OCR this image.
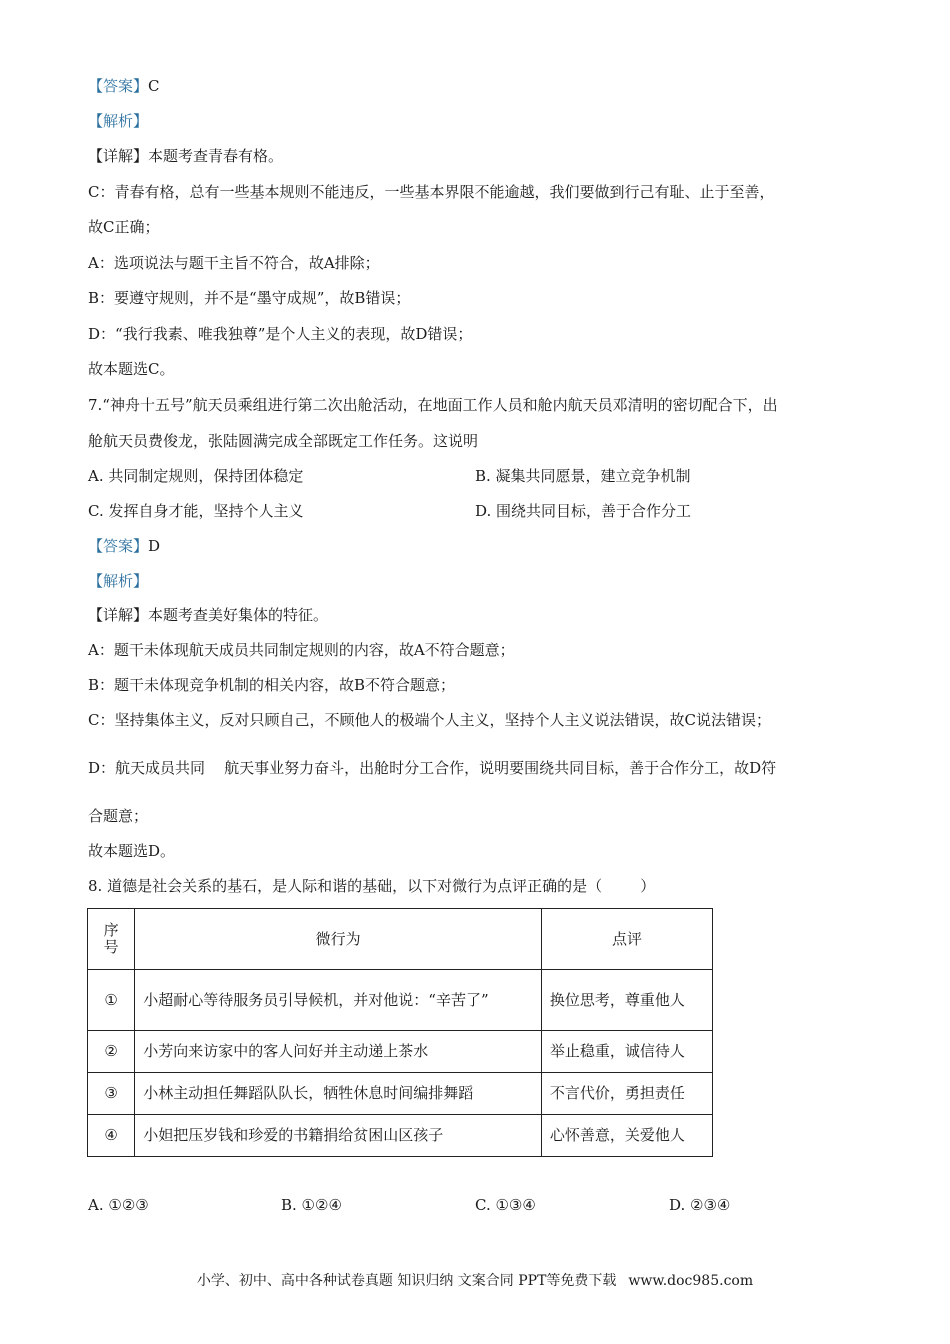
【答案】C
【解析】
【详解】本题考查青春有格。
C：青春有格，总有一些基本规则不能违反，一些基本界限不能逾越，我们要做到行己有耻、止于至善，
故C正确；
A：选项说法与题干主旨不符合，故A排除；
B：要遵守规则，并不是“墨守成规”，故B错误；
D：“我行我素、唯我独尊”是个人主义的表现，故D错误；
故本题选C。
7.“神舟十五号”航天员乘组进行第二次出舱活动，在地面工作人员和舱内航天员邓清明的密切配合下，出
舱航天员费俊龙，张陆圆满完成全部既定工作任务。这说明
A. 共同制定规则，保持团体稳定	B. 凝集共同愿景，建立竞争机制
C. 发挥自身才能，坚持个人主义	D. 围绕共同目标，善于合作分工
【答案】D
【解析】
【详解】本题考查美好集体的特征。
A：题干未体现航天成员共同制定规则的内容，故A不符合题意；
B：题干未体现竞争机制的相关内容，故B不符合题意；
C：坚持集体主义，反对只顾自己，不顾他人的极端个人主义，坚持个人主义说法错误，故C说法错误；
D：航天成员共同    航天事业努力奋斗，出舱时分工合作，说明要围绕共同目标，善于合作分工，故D符
合题意；
故本题选D。
8. 道德是社会关系的基石，是人际和谐的基础，以下对微行为点评正确的是（        ）
序号	微行为	点评
①	小超耐心等待服务员引导候机，并对他说：“辛苦了”	换位思考，尊重他人
②	小芳向来访家中的客人问好并主动递上茶水	举止稳重，诚信待人
③	小林主动担任舞蹈队队长，牺牲休息时间编排舞蹈	不言代价，勇担责任
④	小妲把压岁钱和珍爱的书籍捐给贫困山区孩子	心怀善意，关爱他人
A. ①②③	B. ①②④	C. ①③④	D. ②③④
小学、初中、高中各种试卷真题 知识归纳 文案合同 PPT等免费下载 www.doc985.com
